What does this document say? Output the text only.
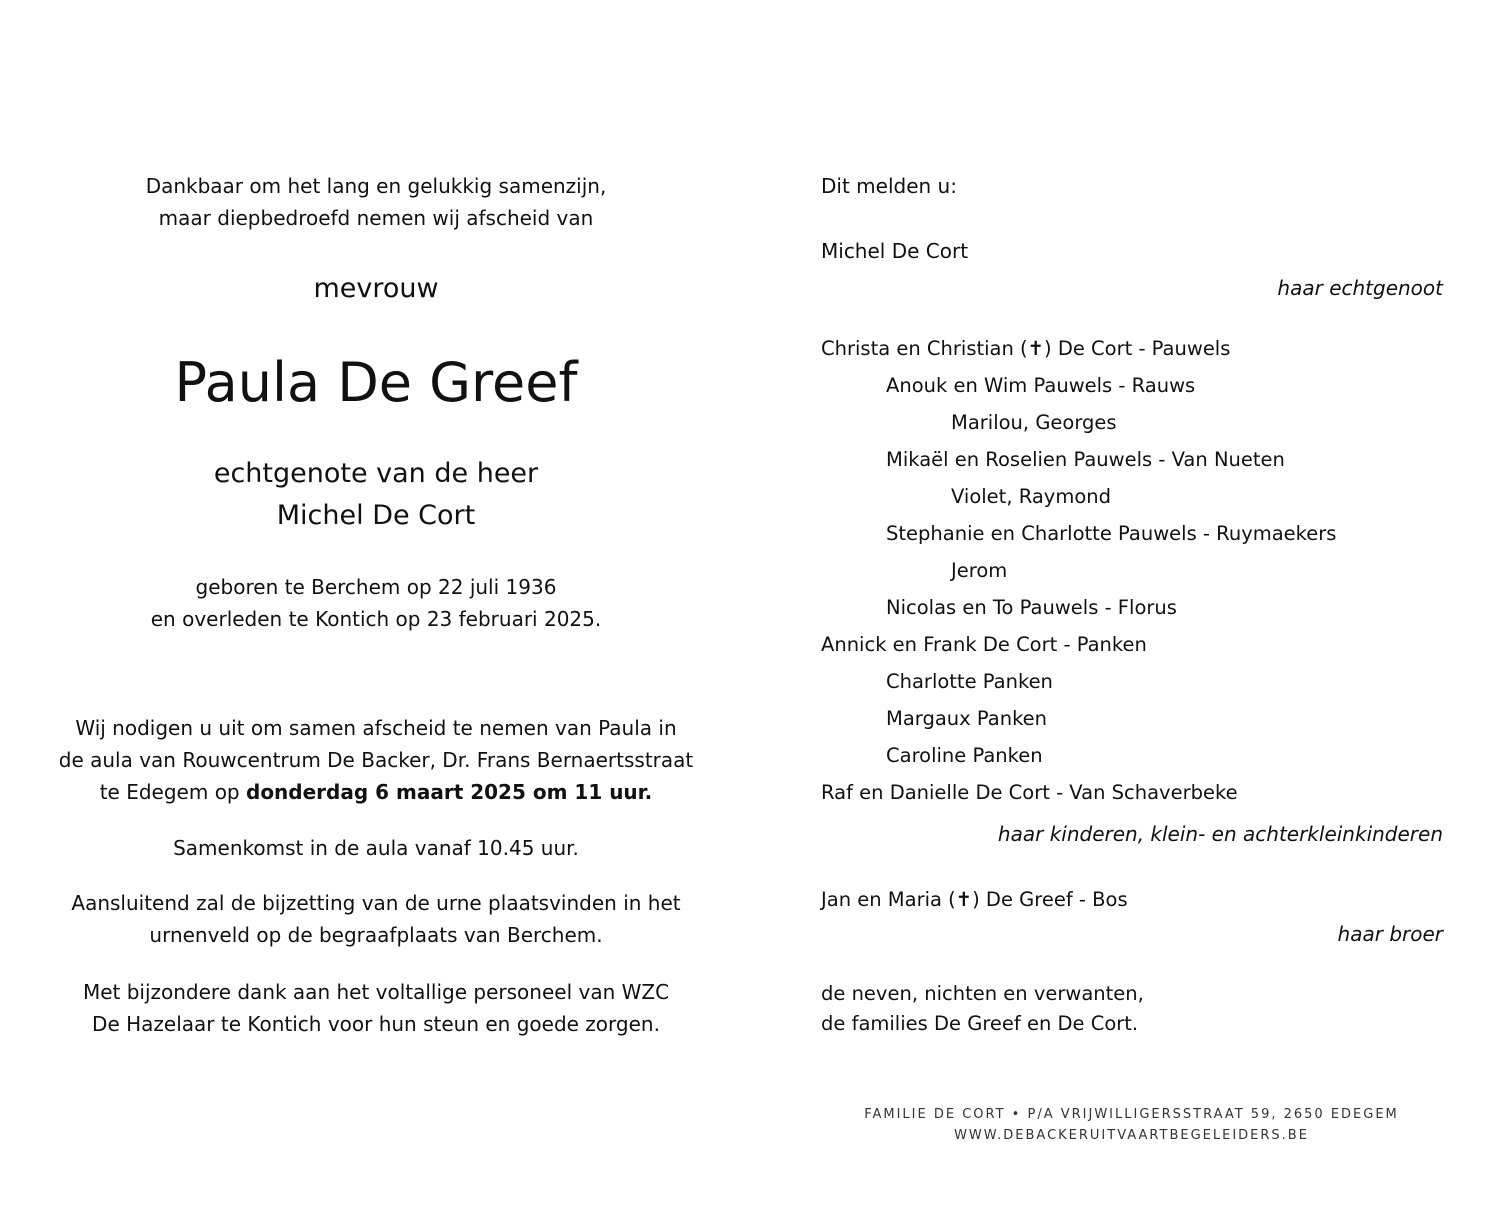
Dankbaar om het lang en gelukkig samenzijn,
maar diepbedroefd nemen wij afscheid van
mevrouw
Paula De Greef
echtgenote van de heer
Michel De Cort
geboren te Berchem op 22 juli 1936
en overleden te Kontich op 23 februari 2025.
Wij nodigen u uit om samen afscheid te nemen van Paula in
de aula van Rouwcentrum De Backer, Dr. Frans Bernaertsstraat
te Edegem op donderdag 6 maart 2025 om 11 uur.
Samenkomst in de aula vanaf 10.45 uur.
Aansluitend zal de bijzetting van de urne plaatsvinden in het
urnenveld op de begraafplaats van Berchem.
Met bijzondere dank aan het voltallige personeel van WZC
De Hazelaar te Kontich voor hun steun en goede zorgen.
Dit melden u:
Michel De Cort
haar echtgenoot
Christa en Christian (✝) De Cort - Pauwels
Anouk en Wim Pauwels - Rauws
Marilou, Georges
Mikaël en Roselien Pauwels - Van Nueten
Violet, Raymond
Stephanie en Charlotte Pauwels - Ruymaekers
Jerom
Nicolas en To Pauwels - Florus
Annick en Frank De Cort - Panken
Charlotte Panken
Margaux Panken
Caroline Panken
Raf en Danielle De Cort - Van Schaverbeke
haar kinderen, klein- en achterkleinkinderen
Jan en Maria (✝) De Greef - Bos
haar broer
de neven, nichten en verwanten,
de families De Greef en De Cort.
FAMILIE DE CORT • P/A VRIJWILLIGERSSTRAAT 59, 2650 EDEGEM
WWW.DEBACKERUITVAARTBEGELEIDERS.BE
